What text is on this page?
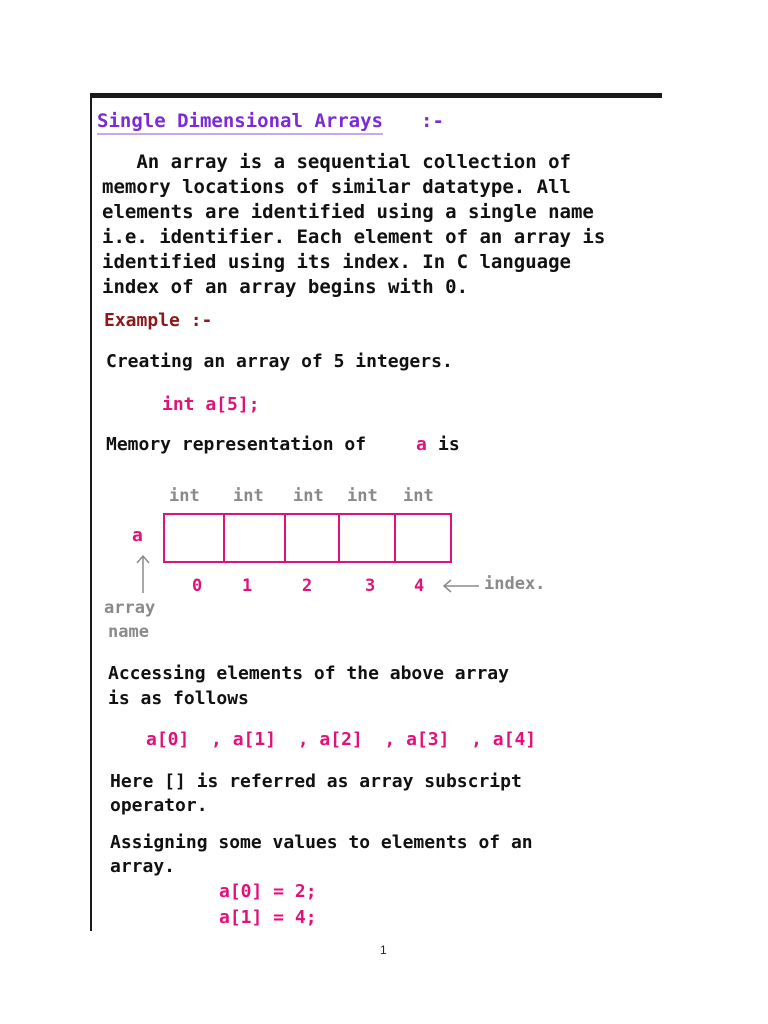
Single Dimensional Arrays :-
An array is a sequential collection of
memory locations of similar datatype. All
elements are identified using a single name
i.e. identifier. Each element of an array is
identified using its index. In C language
index of an array begins with 0.
Example :-
Creating an array of 5 integers.
int a[5];
Memory representation of	a is
int int int int int
a
0 1	2	3 4	index.
array
name
Accessing elements of the above array
is as follows
a[0]  , a[1]  , a[2]  , a[3]  , a[4]
Here [] is referred as array subscript
operator.
Assigning some values to elements of an
array.
a[0] = 2;
a[1] = 4;
1
